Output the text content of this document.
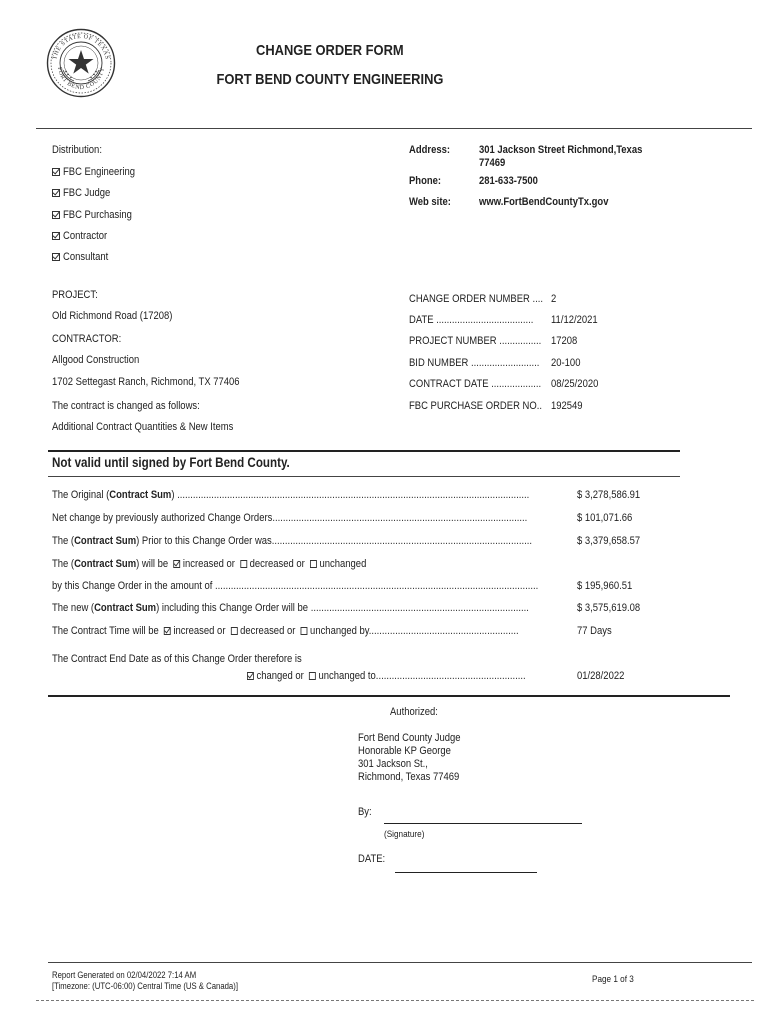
THE STATE OF TEXAS
FORT BEND COUNTY
CHANGE ORDER FORM
FORT BEND COUNTY ENGINEERING
Distribution:
FBC Engineering
FBC Judge
FBC Purchasing
Contractor
Consultant
Address:	301 Jackson Street Richmond,Texas
77469
Phone:	281-633-7500
Web site:	www.FortBendCountyTx.gov
PROJECT:
Old Richmond Road (17208)
CONTRACTOR:
Allgood Construction
1702 Settegast Ranch, Richmond, TX 77406
The contract is changed as follows:
Additional Contract Quantities & New Items
CHANGE ORDER NUMBER .... 2
DATE .....................................	11/12/2021
PROJECT NUMBER ................ 17208
BID NUMBER ..........................	20-100
CONTRACT DATE ................... 08/25/2020
FBC PURCHASE ORDER NO.. 192549
Not valid until signed by Fort Bend County.
The Original (Contract Sum) ......................................................................................................................................	$ 3,278,586.91
Net change by previously authorized Change Orders.................................................................................................	$ 101,071.66
The (Contract Sum) Prior to this Change Order was...................................................................................................	$ 3,379,658.57
The (Contract Sum) will be increased or decreased or unchanged
by this Change Order in the amount of ...........................................................................................................................	$ 195,960.51
The new (Contract Sum) including this Change Order will be ...................................................................................	$ 3,575,619.08
The Contract Time will be increased or decreased or unchanged by.........................................................	77 Days
The Contract End Date as of this Change Order therefore is
changed or unchanged to.........................................................	01/28/2022
Authorized:
Fort Bend County Judge
Honorable KP George
301 Jackson St.,
Richmond, Texas 77469
By:
(Signature)
DATE:
Report Generated on 02/04/2022 7:14 AM
[Timezone: (UTC-06:00) Central Time (US & Canada)]
Page 1 of 3
